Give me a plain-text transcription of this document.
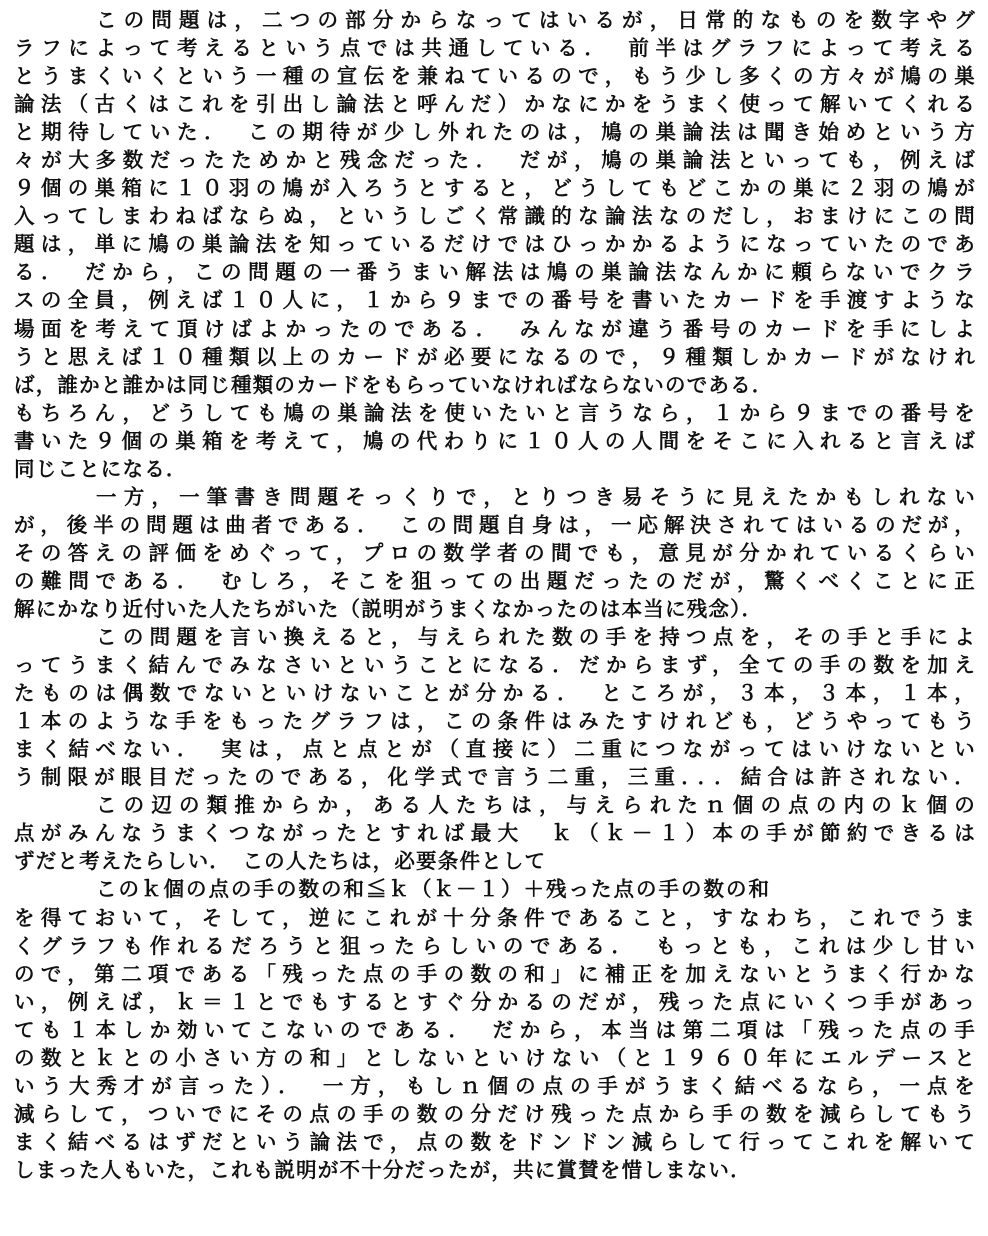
この問題は，二つの部分からなってはいるが，日常的なものを数字やグ
ラフによって考えるという点では共通している．　前半はグラフによって考える
とうまくいくという一種の宣伝を兼ねているので，もう少し多くの方々が鳩の巣
論法（古くはこれを引出し論法と呼んだ）かなにかをうまく使って解いてくれる
と期待していた．　この期待が少し外れたのは，鳩の巣論法は聞き始めという方
々が大多数だったためかと残念だった．　だが，鳩の巣論法といっても，例えば
９個の巣箱に１０羽の鳩が入ろうとすると，どうしてもどこかの巣に２羽の鳩が
入ってしまわねばならぬ，というしごく常識的な論法なのだし，おまけにこの問
題は，単に鳩の巣論法を知っているだけではひっかかるようになっていたのであ
る．　だから，この問題の一番うまい解法は鳩の巣論法なんかに頼らないでクラ
スの全員，例えば１０人に，１から９までの番号を書いたカードを手渡すような
場面を考えて頂けばよかったのである．　みんなが違う番号のカードを手にしよ
うと思えば１０種類以上のカードが必要になるので，９種類しかカードがなけれ
ば，誰かと誰かは同じ種類のカードをもらっていなければならないのである．
もちろん，どうしても鳩の巣論法を使いたいと言うなら，１から９までの番号を
書いた９個の巣箱を考えて，鳩の代わりに１０人の人間をそこに入れると言えば
同じことになる．
一方，一筆書き問題そっくりで，とりつき易そうに見えたかもしれない
が，後半の問題は曲者である．　この問題自身は，一応解決されてはいるのだが，
その答えの評価をめぐって，プロの数学者の間でも，意見が分かれているくらい
の難問である．　むしろ，そこを狙っての出題だったのだが，驚くべくことに正
解にかなり近付いた人たちがいた（説明がうまくなかったのは本当に残念）．
この問題を言い換えると，与えられた数の手を持つ点を，その手と手によ
ってうまく結んでみなさいということになる．だからまず，全ての手の数を加え
たものは偶数でないといけないことが分かる．　ところが，３本，３本，１本，
１本のような手をもったグラフは，この条件はみたすけれども，どうやってもう
まく結べない．　実は，点と点とが（直接に）二重につながってはいけないとい
う制限が眼目だったのである，化学式で言う二重，三重．．．結合は許されない．
この辺の類推からか，ある人たちは，与えられたｎ個の点の内のｋ個の
点がみんなうまくつながったとすれば最大　ｋ（ｋ－１）本の手が節約できるは
ずだと考えたらしい．　この人たちは，必要条件として
このｋ個の点の手の数の和≦ｋ（ｋ－１）＋残った点の手の数の和
を得ておいて，そして，逆にこれが十分条件であること，すなわち，これでうま
くグラフも作れるだろうと狙ったらしいのである．　もっとも，これは少し甘い
ので，第二項である「残った点の手の数の和」に補正を加えないとうまく行かな
い，例えば，ｋ＝１とでもするとすぐ分かるのだが，残った点にいくつ手があっ
ても１本しか効いてこないのである．　だから，本当は第二項は「残った点の手
の数とｋとの小さい方の和」としないといけない（と１９６０年にエルデースと
いう大秀才が言った）．　一方，もしｎ個の点の手がうまく結べるなら，一点を
減らして，ついでにその点の手の数の分だけ残った点から手の数を減らしてもう
まく結べるはずだという論法で，点の数をドンドン減らして行ってこれを解いて
しまった人もいた，これも説明が不十分だったが，共に賞賛を惜しまない．
